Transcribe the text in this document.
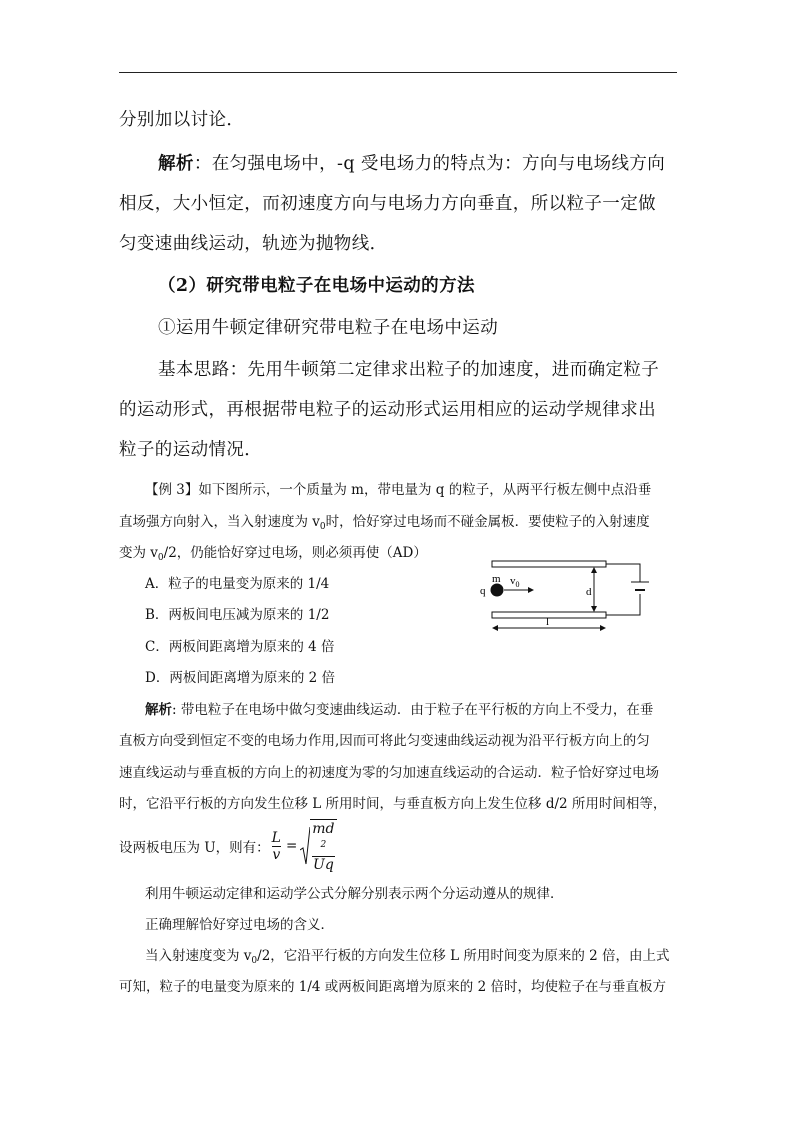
分别加以讨论．
解析：在匀强电场中，-q 受电场力的特点为：方向与电场线方向
相反，大小恒定，而初速度方向与电场力方向垂直，所以粒子一定做
匀变速曲线运动，轨迹为抛物线．
（2）研究带电粒子在电场中运动的方法
①运用牛顿定律研究带电粒子在电场中运动
基本思路：先用牛顿第二定律求出粒子的加速度，进而确定粒子
的运动形式，再根据带电粒子的运动形式运用相应的运动学规律求出
粒子的运动情况．
【例 3】如下图所示，一个质量为 m，带电量为 q 的粒子，从两平行板左侧中点沿垂
直场强方向射入，当入射速度为 $v_0$时，恰好穿过电场而不碰金属板．要使粒子的入射速度
变为 $v_0/2$，仍能恰好穿过电场，则必须再使（AD）
A．粒子的电量变为原来的 1/4
B．两板间电压减为原来的 1/2
C．两板间距离增为原来的 4 倍
D．两板间距离增为原来的 2 倍
m
q
$v_0$
d
l
解析: 带电粒子在电场中做匀变速曲线运动．由于粒子在平行板的方向上不受力，在垂
直板方向受到恒定不变的电场力作用,因而可将此匀变速曲线运动视为沿平行板方向上的匀
速直线运动与垂直板的方向上的初速度为零的匀加速直线运动的合运动．粒子恰好穿过电场
时，它沿平行板的方向发生位移 L 所用时间，与垂直板方向上发生位移 d/2 所用时间相等，
设两板电压为 U，则有： $\frac{L}{v}$ = md
$^2$
Uq
利用牛顿运动定律和运动学公式分解分别表示两个分运动遵从的规律．
正确理解恰好穿过电场的含义．
当入射速度变为 $v_0/2$，它沿平行板的方向发生位移 L 所用时间变为原来的 2 倍，由上式
可知，粒子的电量变为原来的 1/4 或两板间距离增为原来的 2 倍时，均使粒子在与垂直板方
